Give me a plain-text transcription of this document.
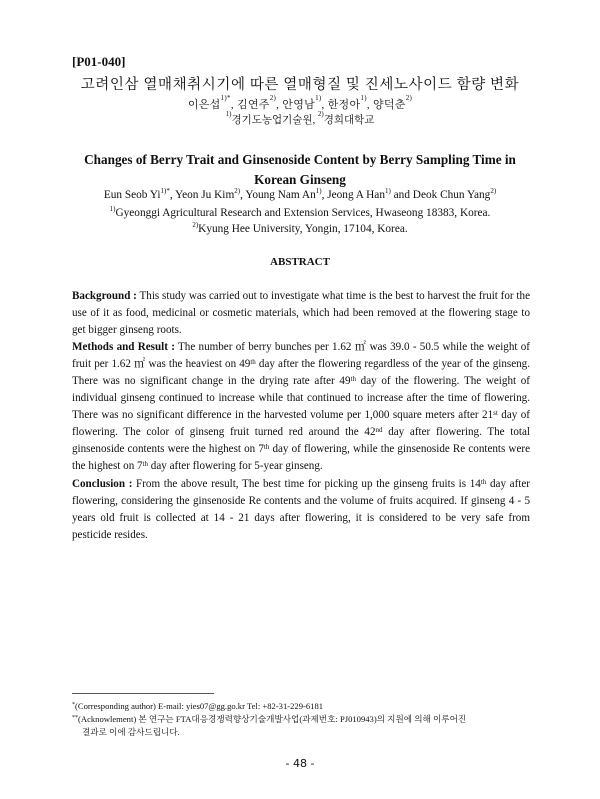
[P01-040]
고려인삼 열매채취시기에 따른 열매형질 및 진세노사이드 함량 변화
이은섭$^{1)*}$, 김연주$^{2)}$, 안영남$^{1)}$, 한정아$^{1)}$, 양덕춘$^{2)}$
$^{1)}$경기도농업기술원, $^{2)}$경희대학교
Changes of Berry Trait and Ginsenoside Content by Berry Sampling Time in
Korean Ginseng
Eun Seob $Yi^{1)*}$, Yeon Ju Kim$^{2)}$, Young Nam An$^{1)}$, Jeong A Han$^{1)}$ and Deok Chun Yang$^{2)}$
$^{1)}$Gyeonggi Agricultural Research and Extension Services, Hwaseong 18383, Korea.
$^{2)}$Kyung Hee University, Yongin, 17104, Korea.
ABSTRACT

Background : This study was carried out to investigate what time is the best to harvest the fruit for the use of it as food, medicinal or cosmetic materials, which had been removed at the flowering stage to get bigger ginseng roots.

Methods and Result : The number of berry bunches per 1.62 ㎡ was 39.0 - 50.5 while the weight of fruit per 1.62 ㎡ was the heaviest on 49th day after the flowering regardless of the year of the ginseng. There was no significant change in the drying rate after 49th day of the flowering. The weight of individual ginseng continued to increase while that continued to increase after the time of flowering. There was no significant difference in the harvested volume per 1,000 square meters after 21st day of flowering. The color of ginseng fruit turned red around the 42nd day after flowering. The total ginsenoside contents were the highest on 7th day of flowering, while the ginsenoside Re contents were the highest on 7th day after flowering for 5-year ginseng.

Conclusion : From the above result, The best time for picking up the ginseng fruits is 14th day after flowering, considering the ginsenoside Re contents and the volume of fruits acquired. If ginseng 4 - 5 years old fruit is collected at 14 - 21 days after flowering, it is considered to be very safe from pesticide resides.

*(Corresponding author) E-mail: yies07@gg.go.kr Tel: +82-31-229-6181
**(Acknowlement) 본 연구는 FTA대응경쟁력향상기술개발사업(과제번호: PJ010943)의 지원에 의해 이루어진
결과로 이에 감사드립니다.
- 48 -
